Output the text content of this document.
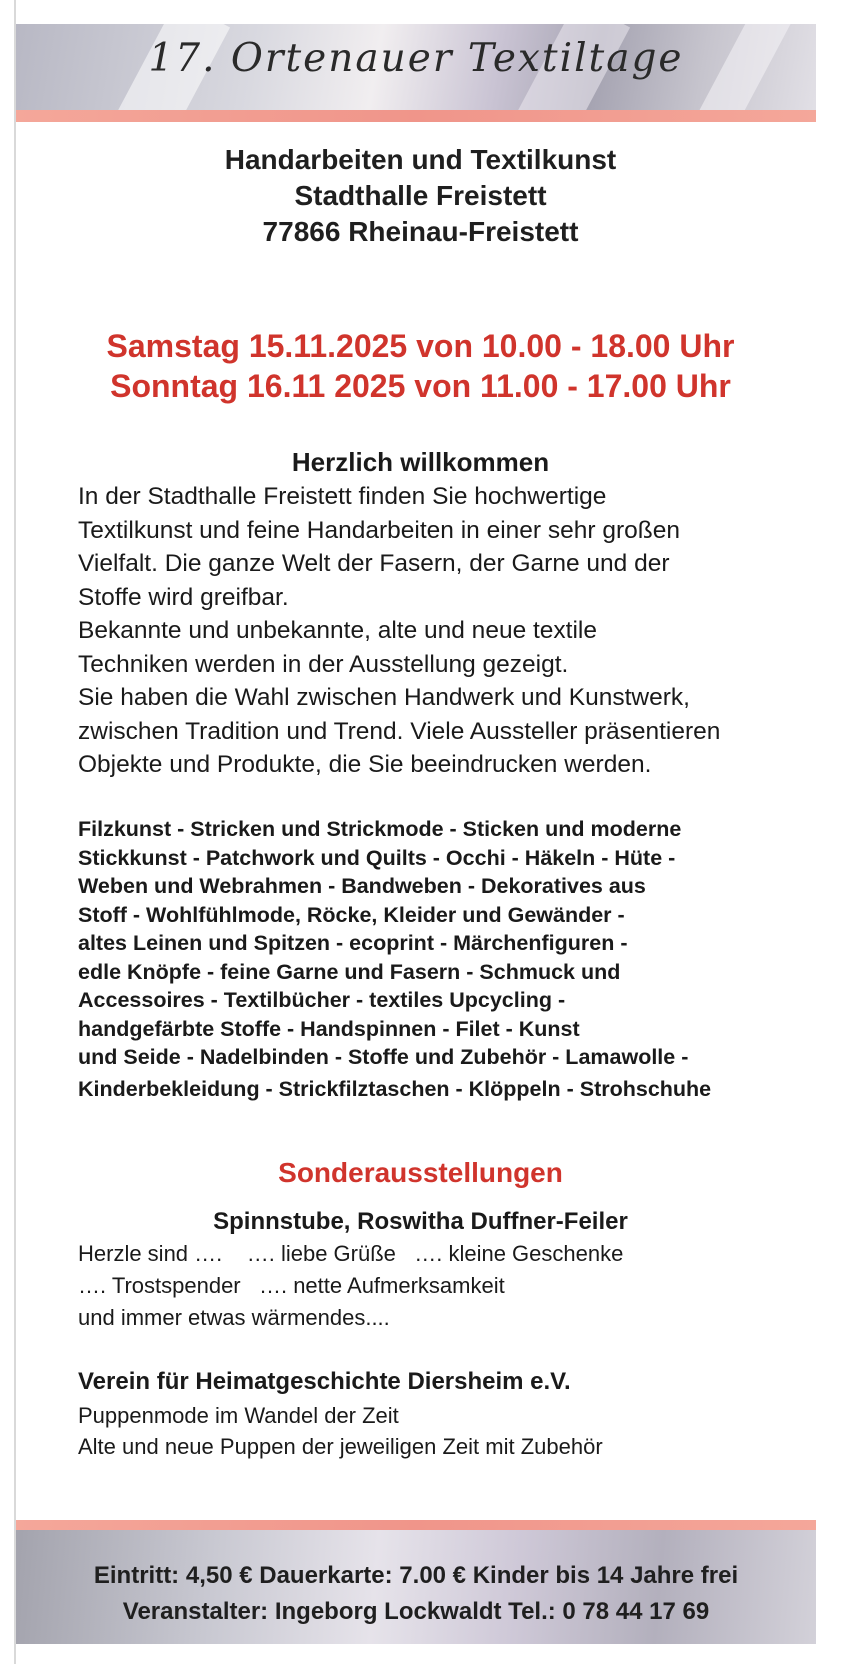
17. Ortenauer Textiltage
Handarbeiten und Textilkunst
Stadthalle Freistett
77866 Rheinau-Freistett
Samstag 15.11.2025 von 10.00 - 18.00 Uhr
Sonntag 16.11 2025 von 11.00 - 17.00 Uhr
Herzlich willkommen

In der Stadthalle Freistett finden Sie hochwertige
Textilkunst und feine Handarbeiten in einer sehr großen
Vielfalt. Die ganze Welt der Fasern, der Garne und der
Stoffe wird greifbar.
Bekannte und unbekannte, alte und neue textile
Techniken werden in der Ausstellung gezeigt.
Sie haben die Wahl zwischen Handwerk und Kunstwerk,
zwischen Tradition und Trend. Viele Aussteller präsentieren
Objekte und Produkte, die Sie beeindrucken werden.

Filzkunst - Stricken und Strickmode - Sticken und moderne
Stickkunst - Patchwork und Quilts - Occhi - Häkeln - Hüte -
Weben und Webrahmen - Bandweben - Dekoratives aus
Stoff - Wohlfühlmode, Röcke, Kleider und Gewänder -
altes Leinen und Spitzen - ecoprint - Märchenfiguren -
edle Knöpfe - feine Garne und Fasern - Schmuck und
Accessoires - Textilbücher - textiles Upcycling -
handgefärbte Stoffe - Handspinnen - Filet - Kunst
und Seide - Nadelbinden - Stoffe und Zubehör - Lamawolle -
Kinderbekleidung - Strickfilztaschen - Klöppeln - Strohschuhe
Sonderausstellungen
Spinnstube, Roswitha Duffner-Feiler

Herzle sind ….    …. liebe Grüße   …. kleine Geschenke
…. Trostspender   …. nette Aufmerksamkeit
und immer etwas wärmendes....

Verein für Heimatgeschichte Diersheim e.V.

Puppenmode im Wandel der Zeit
Alte und neue Puppen der jeweiligen Zeit mit Zubehör

Eintritt: 4,50 € Dauerkarte: 7.00 € Kinder bis 14 Jahre frei
Veranstalter: Ingeborg Lockwaldt Tel.: 0 78 44 17 69
